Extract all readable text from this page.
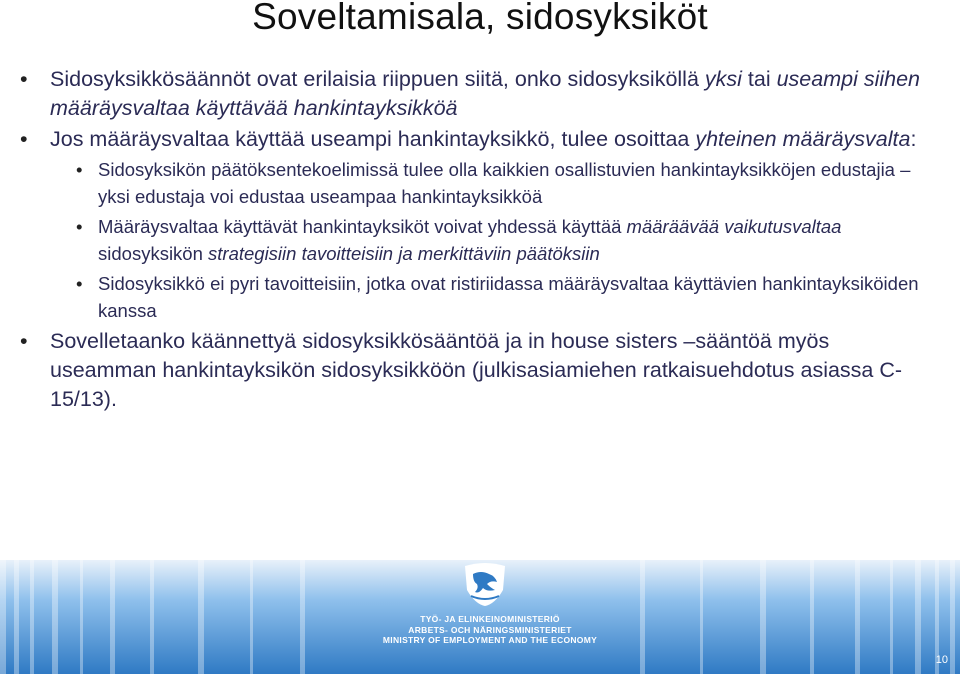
Soveltamisala, sidosyksiköt
• Sidosyksikkösäännöt ovat erilaisia riippuen siitä, onko sidosyksiköllä yksi tai useampi siihen määräysvaltaa käyttävää hankintayksikköä
• Jos määräysvaltaa käyttää useampi hankintayksikkö, tulee osoittaa yhteinen määräysvalta:
• Sidosyksikön päätöksentekoelimissä tulee olla kaikkien osallistuvien hankintayksikköjen edustajia – yksi edustaja voi edustaa useampaa hankintayksikköä
• Määräysvaltaa käyttävät hankintayksiköt voivat yhdessä käyttää määräävää vaikutusvaltaa sidosyksikön strategisiin tavoitteisiin ja merkittäviin päätöksiin
• Sidosyksikkö ei pyri tavoitteisiin, jotka ovat ristiriidassa määräysvaltaa käyttävien hankintayksiköiden kanssa
• Sovelletaanko käännettyä sidosyksikkösääntöä ja in house sisters –sääntöä myös useamman hankintayksikön sidosyksikköön (julkisasiamiehen ratkaisuehdotus asiassa C-15/13).
TYÖ- JA ELINKEINOMINISTERIÖ
ARBETS- OCH NÄRINGSMINISTERIET
MINISTRY OF EMPLOYMENT AND THE ECONOMY
10
